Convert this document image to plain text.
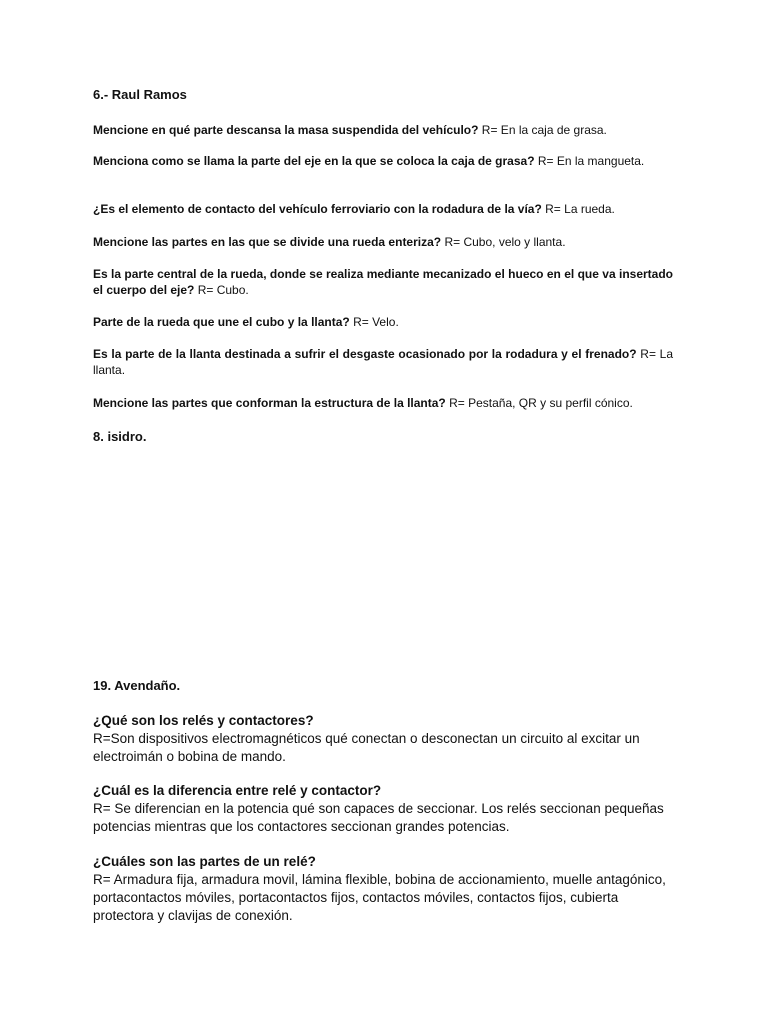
6.- Raul Ramos
Mencione en qué parte descansa la masa suspendida del vehículo? R= En la caja de grasa.
Menciona como se llama la parte del eje en la que se coloca la caja de grasa? R= En la mangueta.
¿Es el elemento de contacto del vehículo ferroviario con la rodadura de la vía? R= La rueda.
Mencione las partes en las que se divide una rueda enteriza? R= Cubo, velo y llanta.
Es la parte central de la rueda, donde se realiza mediante mecanizado el hueco en el que va insertado el cuerpo del eje? R= Cubo.
Parte de la rueda que une el cubo y la llanta? R= Velo.
Es la parte de la llanta destinada a sufrir el desgaste ocasionado por la rodadura y el frenado? R= La llanta.
Mencione las partes que conforman la estructura de la llanta? R= Pestaña, QR y su perfil cónico.
8. isidro.
19. Avendaño.
¿Qué son los relés y contactores?
R=Son dispositivos electromagnéticos qué conectan o desconectan un circuito al excitar un electroimán o bobina de mando.
¿Cuál es la diferencia entre relé y contactor?
R= Se diferencian en la potencia qué son capaces de seccionar. Los relés seccionan pequeñas potencias mientras que los contactores seccionan grandes potencias.
¿Cuáles son las partes de un relé?
R= Armadura fija, armadura movil, lámina flexible, bobina de accionamiento, muelle antagónico, portacontactos móviles, portacontactos fijos, contactos móviles, contactos fijos, cubierta protectora y clavijas de conexión.
